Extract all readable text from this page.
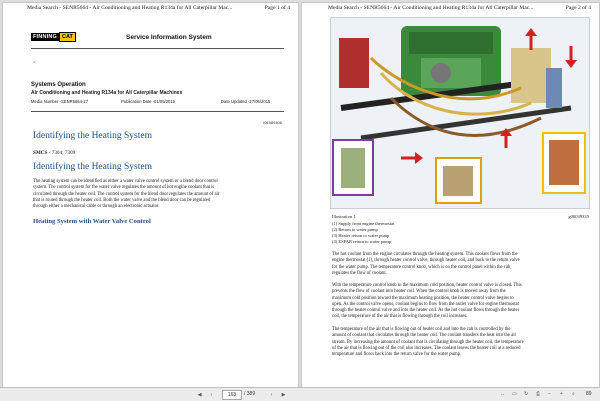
Media Search - SENR5664 - Air Conditioning and Heating R134a for All Caterpillar Mac...	Page 1 of 4
FINNING CAT	Service Information System
<
Systems Operation
Air Conditioning and Heating R134a for All Caterpillar Machines
Media Number -SENR5664-27	Publication Date -01/05/2015	Date Updated -27/05/2015
i04589406
Identifying the Heating System
SMCS - 7304; 7309
Identifying the Heating System
The heating system can be identified as either a water valve control system or a blend door control
system. The control system for the water valve regulates the amount of hot engine coolant that is
circulated through the heater coil. The control system for the blend door regulates the amount of air
that is routed through the heater coil. Both the water valve and the blend door can be regulated
through either a mechanical cable or through an electronic actuator.
Heating System with Water Valve Control
Media Search - SENR5664 - Air Conditioning and Heating R134a for All Caterpillar Mac...	Page 2 of 4
Illustration 1	g00039335
(1) Supply from engine thermostat
(2) Return to water pump
(3) Heater return to water pump
(4) ESPAR return to water pump
The hot coolant from the engine circulates through the heating system. This coolant flows from the
engine thermostat (1), through heater control valve, through heater coil, and back to the return valve
for the water pump. The temperature control knob, which is on the control panel within the cab,
regulates the flow of coolant.
With the temperature control knob in the maximum cold position, heater control valve is closed. This
prevents the flow of coolant into heater coil. When the control knob is moved away from the
maximum cold position toward the maximum heating position, the heater control valve begins to
open. As the control valve opens, coolant begins to flow from the outlet valve for engine thermostat
through the heater control valve and into the heater coil. As the hot coolant flows through the heater
coil, the temperature of the air that is flowing through the coil increases.
The temperature of the air that is flowing out of heater coil and into the cab is controlled by the
amount of coolant that circulates through the heater coil. The coolant transfers the heat into the air
stream. By increasing the amount of coolant that is circulating through the heater coil, the temperature
of the air that is flowing out of the coil also increases. The coolant leaves the heater coil at a reduced
temperature and flows back into the return valve for the water pump.
◀	‹	163	/ 389	›	▶	↔ ▭ ↻ ⎙ − + ⌕ 89
